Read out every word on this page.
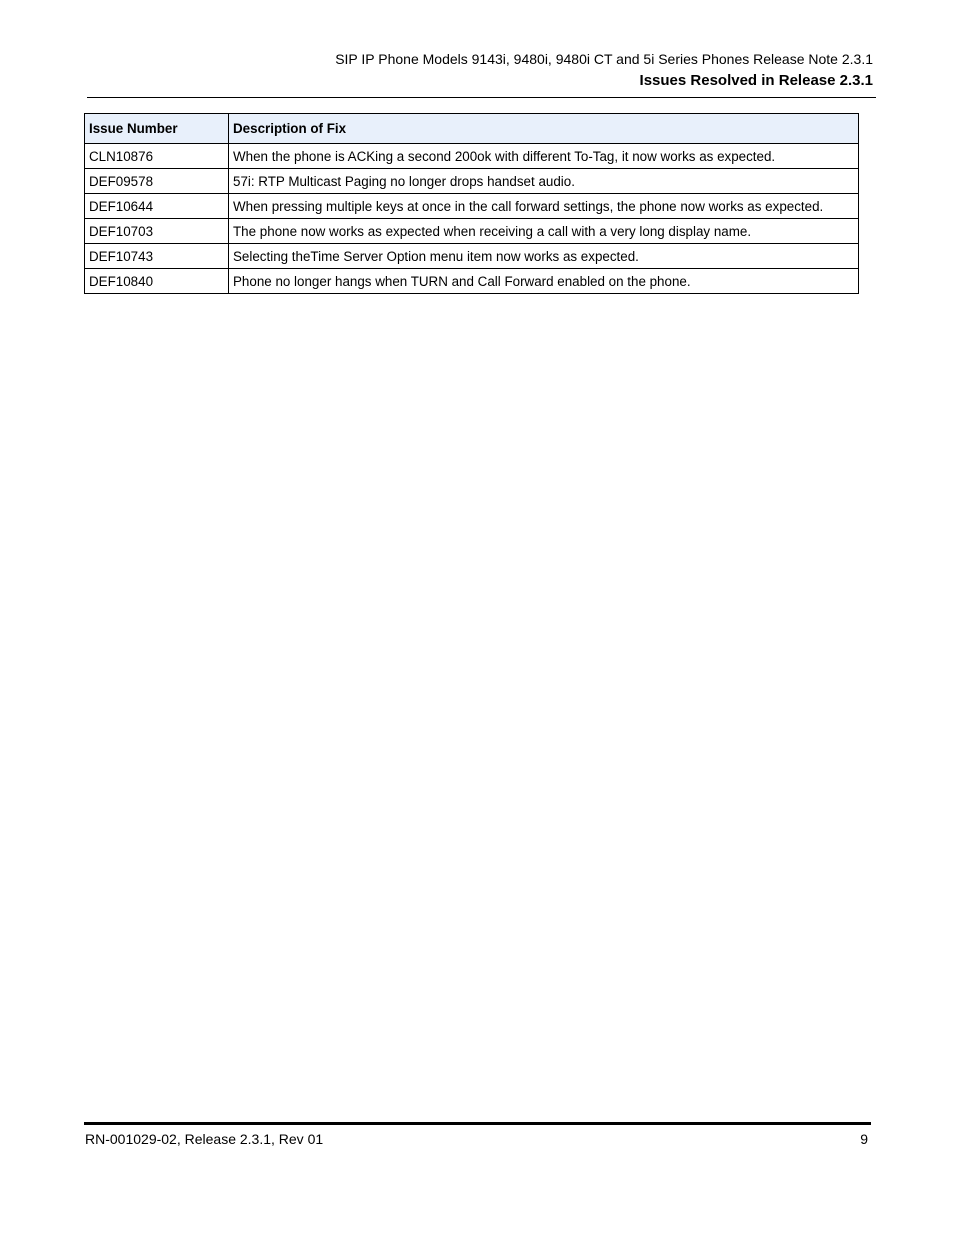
SIP IP Phone Models 9143i, 9480i, 9480i CT and 5i Series Phones Release Note 2.3.1
Issues Resolved in Release 2.3.1
Issue Number	Description of Fix
CLN10876	When the phone is ACKing a second 200ok with different To-Tag, it now works as expected.
DEF09578	57i: RTP Multicast Paging no longer drops handset audio.
DEF10644	When pressing multiple keys at once in the call forward settings, the phone now works as expected.
DEF10703	The phone now works as expected when receiving a call with a very long display name.
DEF10743	Selecting theTime Server Option menu item now works as expected.
DEF10840	Phone no longer hangs when TURN and Call Forward enabled on the phone.
RN-001029-02, Release 2.3.1, Rev 01	9
